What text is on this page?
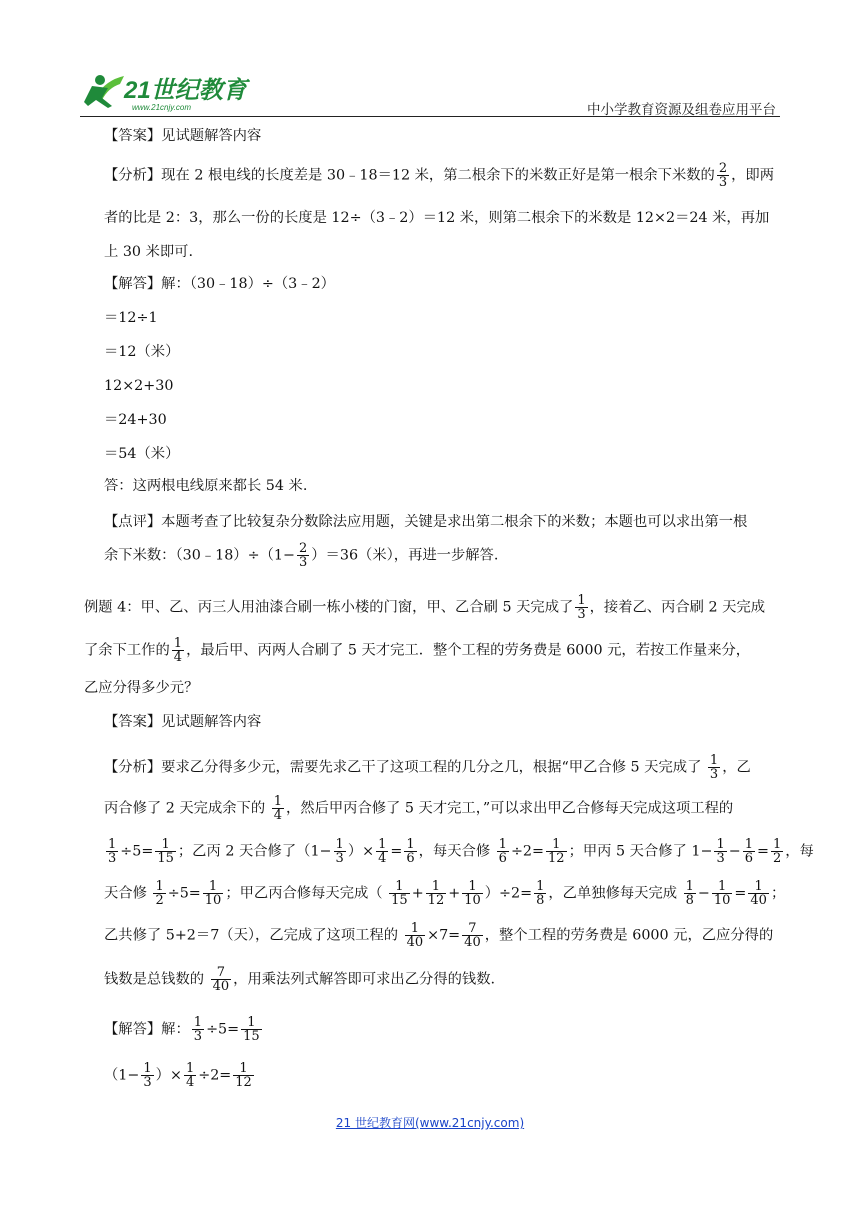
21世纪教育
www.21cnjy.com	中小学教育资源及组卷应用平台
【答案】见试题解答内容
【分析】现在 2 根电线的长度差是 30﹣18＝12 米，第二根余下的米数正好是第一根余下米数的 $\frac{2}{3}$ ，即两
者的比是 2：3，那么一份的长度是 12÷（3﹣2）＝12 米，则第二根余下的米数是 12×2＝24 米，再加
上 30 米即可.
【解答】解：（30﹣18）÷（3﹣2）
＝12÷1
＝12（米）
12×2+30
＝24+30
＝54（米）
答：这两根电线原来都长 54 米.
【点评】本题考查了比较复杂分数除法应用题，关键是求出第二根余下的米数；本题也可以求出第一根
余下米数：（30﹣18）÷（1− $\frac{2}{3} )=36$（米），再进一步解答.
例题 4：甲、乙、丙三人用油漆合刷一栋小楼的门窗，甲、乙合刷 5 天完成了 $\frac{1}{3}$ ，接着乙、丙合刷 2 天完成
了余下工作的 $\frac{1}{4}$ ，最后甲、丙两人合刷了 5 天才完工．整个工程的劳务费是 6000 元，若按工作量来分，
乙应分得多少元？
【答案】见试题解答内容
【分析】要求乙分得多少元，需要先求乙干了这项工程的几分之几，根据“甲乙合修 5 天完成了 $\frac{1}{3}$ ，乙
丙合修了 2 天完成余下的 $\frac{1}{4}$ ，然后甲丙合修了 5 天才完工，”可以求出甲乙合修每天完成这项工程的
$\frac{1}{3} \div 5= \frac{1}{15}$ ；乙丙 2 天合修了（$1- \frac{1}{3}$ ）× $\frac{1}{4} = \frac{1}{6}$ ，每天合修 $\frac{1}{6} \div 2= \frac{1}{12}$ ；甲丙 5 天合修了 $1- \frac{1}{3} - \frac{1}{6} = \frac{1}{2}$ ，每
天合修 $\frac{1}{2} \div 5= \frac{1}{10}$ ；甲乙丙合修每天完成（ $\frac{1}{15} + \frac{1}{12} + \frac{1}{10} )\div 2= \frac{1}{8}$ ，乙单独修每天完成 $\frac{1}{8} - \frac{1}{10} = \frac{1}{40}$ ；
乙共修了 5+2＝7（天），乙完成了这项工程的 $\frac{1}{40} \times 7= \frac{7}{40}$ ，整个工程的劳务费是 6000 元，乙应分得的
钱数是总钱数的 $\frac{7}{40}$ ，用乘法列式解答即可求出乙分得的钱数.
【解答】解： $\frac{1}{3} \div 5= \frac{1}{15}$
（$1- \frac{1}{3}$ ）× $\frac{1}{4} \div 2= \frac{1}{12}$
21 世纪教育网(www.21cnjy.com)
